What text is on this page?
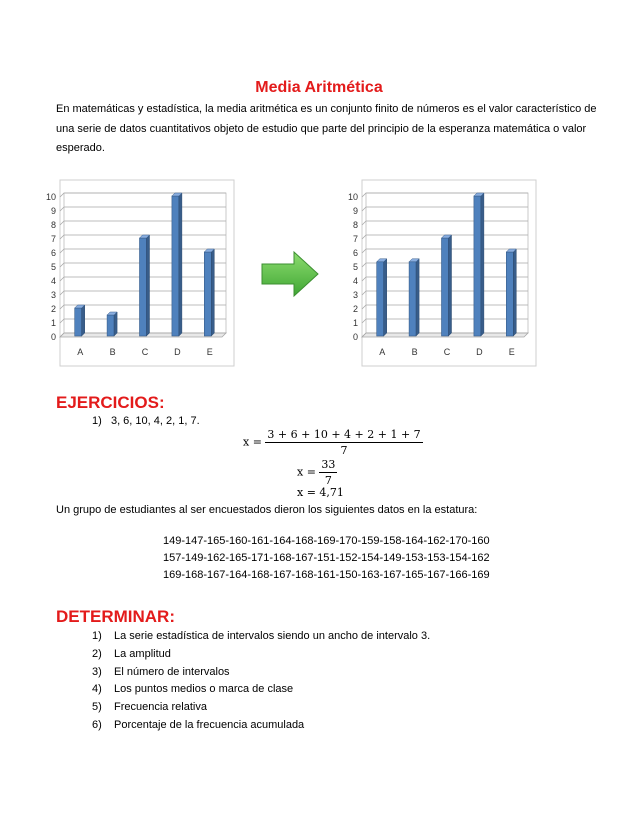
Media Aritmética
En matemáticas y estadística, la media aritmética es un conjunto finito de números es el valor característico de
una serie de datos cuantitativos objeto de estudio que parte del principio de la esperanza matemática o valor
esperado.
0
1
2
3
4
5
6
7
8
9
10
A	B	C	D	E
0
1
2
3
4
5
6
7
8
9
10
A	B	C	D	E
EJERCICIOS:
1) 3, 6, 10, 4, 2, 1, 7.
$x = \frac{3 + 6 + 10 + 4 + 2 + 1 + 7}{7}$
$x = \frac{33}{7}$
x = 4,71
Un grupo de estudiantes al ser encuestados dieron los siguientes datos en la estatura:
149-147-165-160-161-164-168-169-170-159-158-164-162-170-160
157-149-162-165-171-168-167-151-152-154-149-153-153-154-162
169-168-167-164-168-167-168-161-150-163-167-165-167-166-169
DETERMINAR:
1) La serie estadística de intervalos siendo un ancho de intervalo 3.
2) La amplitud
3) El número de intervalos
4) Los puntos medios o marca de clase
5) Frecuencia relativa
6) Porcentaje de la frecuencia acumulada
